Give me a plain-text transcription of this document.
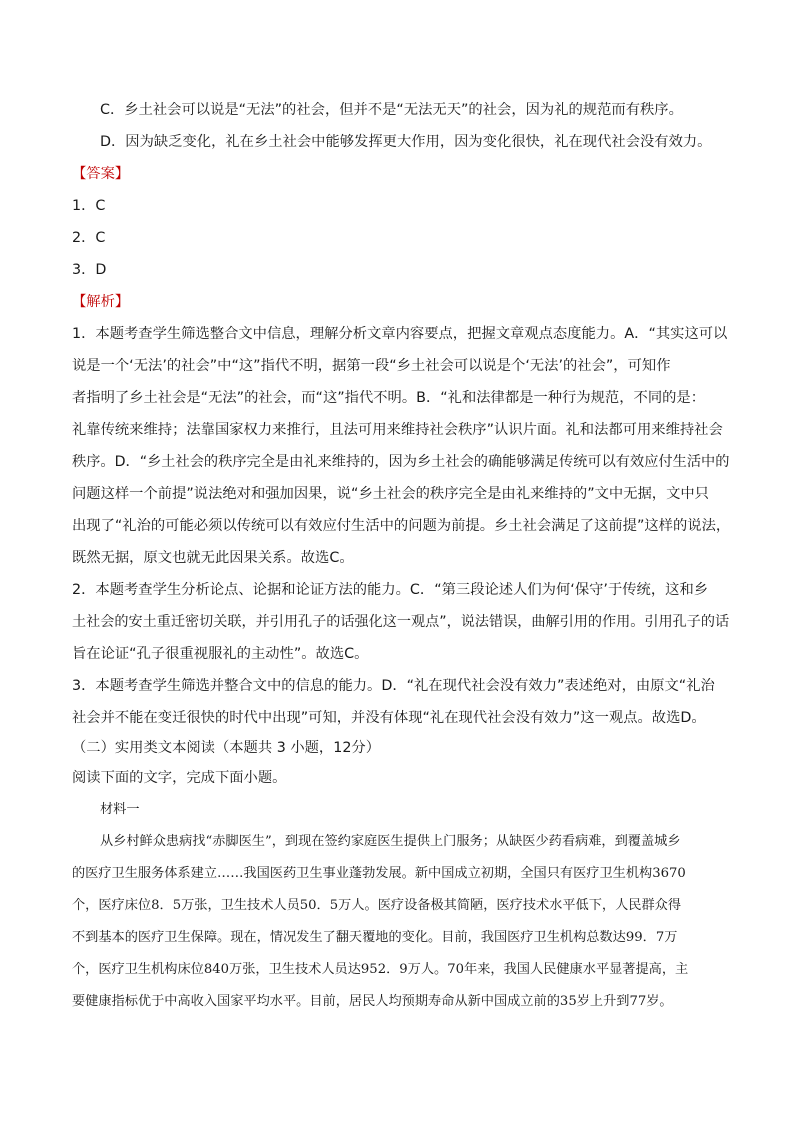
C．乡土社会可以说是“无法”的社会，但并不是“无法无天”的社会，因为礼的规范而有秩序。
D．因为缺乏变化，礼在乡土社会中能够发挥更大作用，因为变化很快，礼在现代社会没有效力。
【答案】
1．C
2．C
3．D
【解析】
1．本题考查学生筛选整合文中信息，理解分析文章内容要点，把握文章观点态度能力。A．“其实这可以
说是一个‘无法’的社会”中“这”指代不明，据第一段“乡土社会可以说是个‘无法’的社会”，可知作
者指明了乡土社会是“无法”的社会，而“这”指代不明。B．“礼和法律都是一种行为规范，不同的是：
礼靠传统来维持；法靠国家权力来推行，且法可用来维持社会秩序”认识片面。礼和法都可用来维持社会
秩序。D．“乡土社会的秩序完全是由礼来维持的，因为乡土社会的确能够满足传统可以有效应付生活中的
问题这样一个前提”说法绝对和强加因果，说“乡土社会的秩序完全是由礼来维持的”文中无据，文中只
出现了“礼治的可能必须以传统可以有效应付生活中的问题为前提。乡土社会满足了这前提”这样的说法，
既然无据，原文也就无此因果关系。故选C。
2．本题考查学生分析论点、论据和论证方法的能力。C．“第三段论述人们为何‘保守’于传统，这和乡
土社会的安土重迁密切关联，并引用孔子的话强化这一观点”，说法错误，曲解引用的作用。引用孔子的话
旨在论证“孔子很重视服礼的主动性”。故选C。
3．本题考查学生筛选并整合文中的信息的能力。D．“礼在现代社会没有效力”表述绝对，由原文“礼治
社会并不能在变迁很快的时代中出现”可知，并没有体现“礼在现代社会没有效力”这一观点。故选D。
（二）实用类文本阅读（本题共 3 小题，12分）
阅读下面的文字，完成下面小题。
材料一
从乡村鲜众患病找“赤脚医生”，到现在签约家庭医生提供上门服务；从缺医少药看病难，到覆盖城乡
的医疗卫生服务体系建立……我国医药卫生事业蓬勃发展。新中国成立初期，全国只有医疗卫生机构3670
个，医疗床位8．5万张，卫生技术人员50．5万人。医疗设备极其简陋，医疗技术水平低下，人民群众得
不到基本的医疗卫生保障。现在，情况发生了翻天覆地的变化。目前，我国医疗卫生机构总数达99．7万
个，医疗卫生机构床位840万张，卫生技术人员达952．9万人。70年来，我国人民健康水平显著提高，主
要健康指标优于中高收入国家平均水平。目前，居民人均预期寿命从新中国成立前的35岁上升到77岁。
